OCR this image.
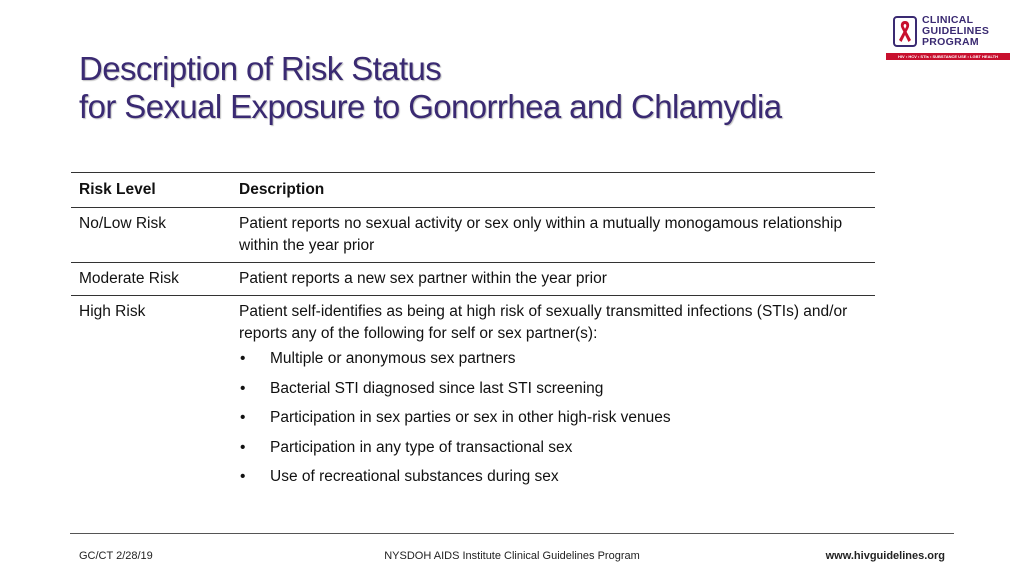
Description of Risk Status
for Sexual Exposure to Gonorrhea and Chlamydia
CLINICAL
GUIDELINES
PROGRAM
HIV • HCV • STIs • SUBSTANCE USE • LGBT HEALTH
Risk Level	Description
No/Low Risk	Patient reports no sexual activity or sex only within a mutually monogamous relationship within the year prior
Moderate Risk	Patient reports a new sex partner within the year prior
High Risk	Patient self-identifies as being at high risk of sexually transmitted infections (STIs) and/or reports any of the following for self or sex partner(s):
• Multiple or anonymous sex partners
• Bacterial STI diagnosed since last STI screening
• Participation in sex parties or sex in other high-risk venues
• Participation in any type of transactional sex
• Use of recreational substances during sex
GC/CT 2/28/19	NYSDOH AIDS Institute Clinical Guidelines Program	www.hivguidelines.org
